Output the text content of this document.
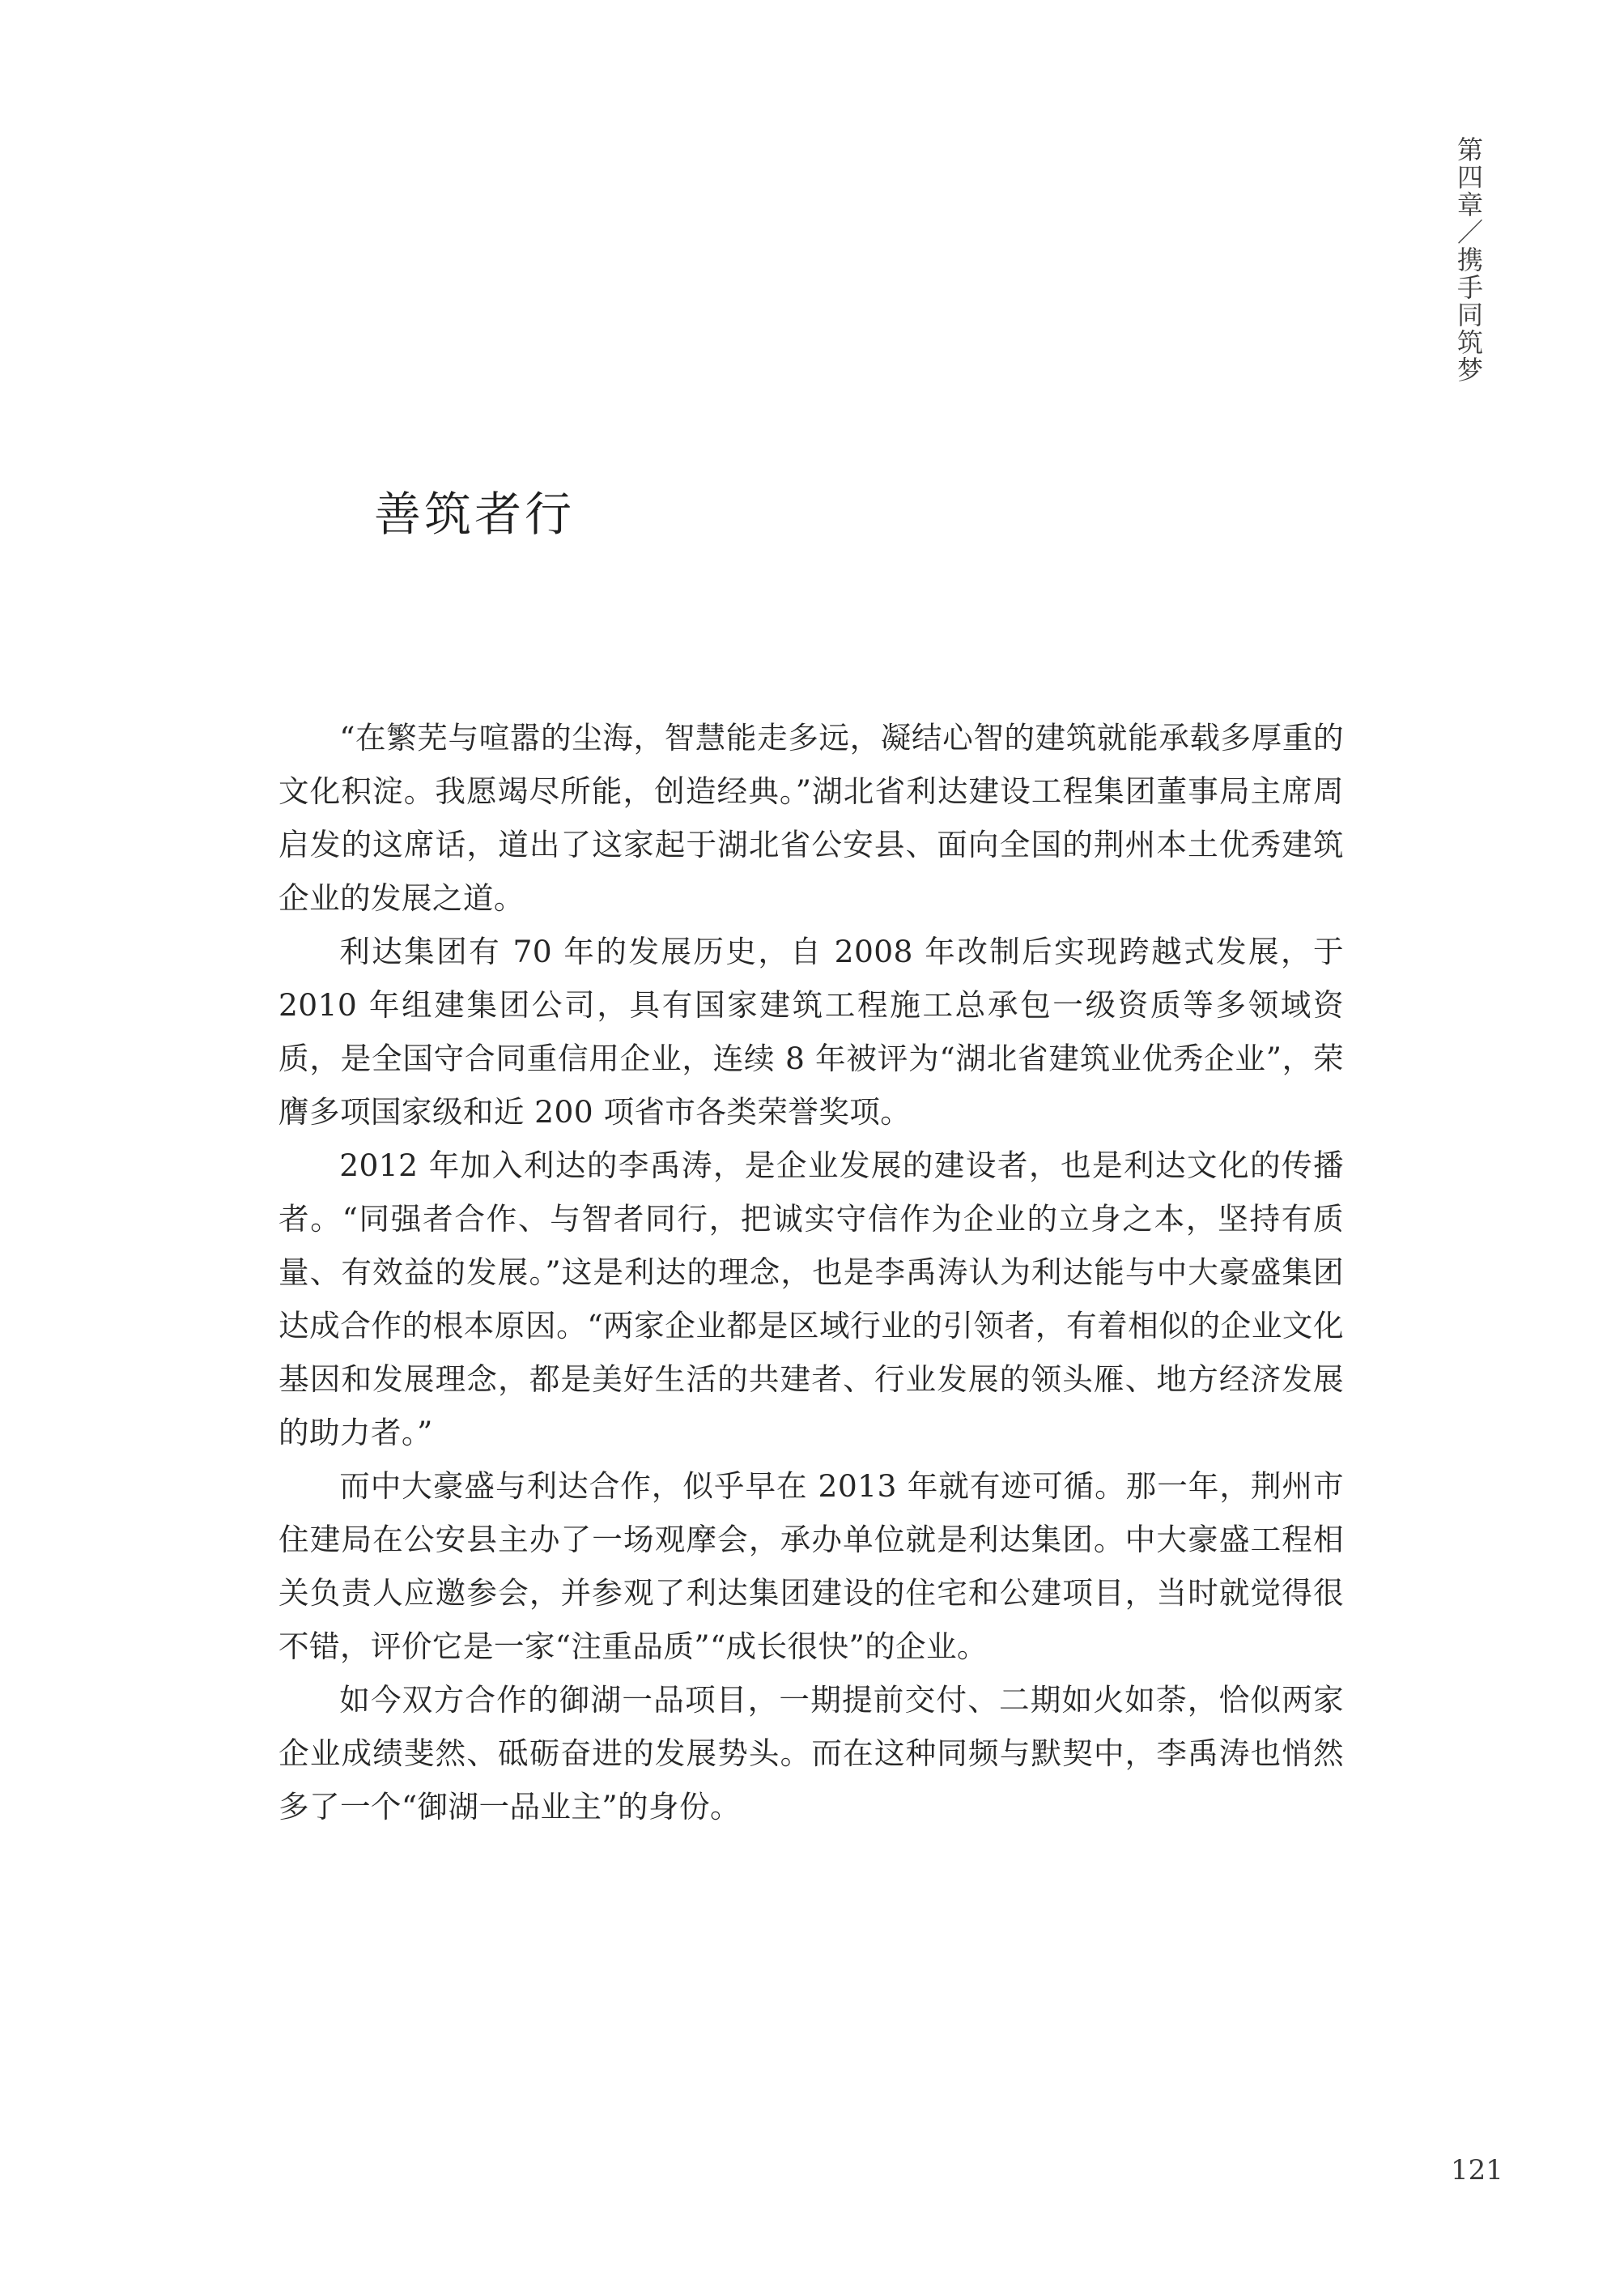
第四章／携手同筑梦
善筑者行

“在繁芜与喧嚣的尘海，智慧能走多远，凝结心智的建筑就能承载多厚重的文化积淀。我愿竭尽所能，创造经典。”湖北省利达建设工程集团董事局主席周启发的这席话，道出了这家起于湖北省公安县、面向全国的荆州本土优秀建筑企业的发展之道。

利达集团有 70 年的发展历史，自 2008 年改制后实现跨越式发展，于 2010 年组建集团公司，具有国家建筑工程施工总承包一级资质等多领域资质，是全国守合同重信用企业，连续 8 年被评为“湖北省建筑业优秀企业”，荣膺多项国家级和近 200 项省市各类荣誉奖项。

2012 年加入利达的李禹涛，是企业发展的建设者，也是利达文化的传播者。“同强者合作、与智者同行，把诚实守信作为企业的立身之本，坚持有质量、有效益的发展。”这是利达的理念，也是李禹涛认为利达能与中大豪盛集团达成合作的根本原因。“两家企业都是区域行业的引领者，有着相似的企业文化基因和发展理念，都是美好生活的共建者、行业发展的领头雁、地方经济发展的助力者。”

而中大豪盛与利达合作，似乎早在 2013 年就有迹可循。那一年，荆州市住建局在公安县主办了一场观摩会，承办单位就是利达集团。中大豪盛工程相关负责人应邀参会，并参观了利达集团建设的住宅和公建项目，当时就觉得很不错，评价它是一家“注重品质”“成长很快”的企业。

如今双方合作的御湖一品项目，一期提前交付、二期如火如荼，恰似两家企业成绩斐然、砥砺奋进的发展势头。而在这种同频与默契中，李禹涛也悄然多了一个“御湖一品业主”的身份。

121
